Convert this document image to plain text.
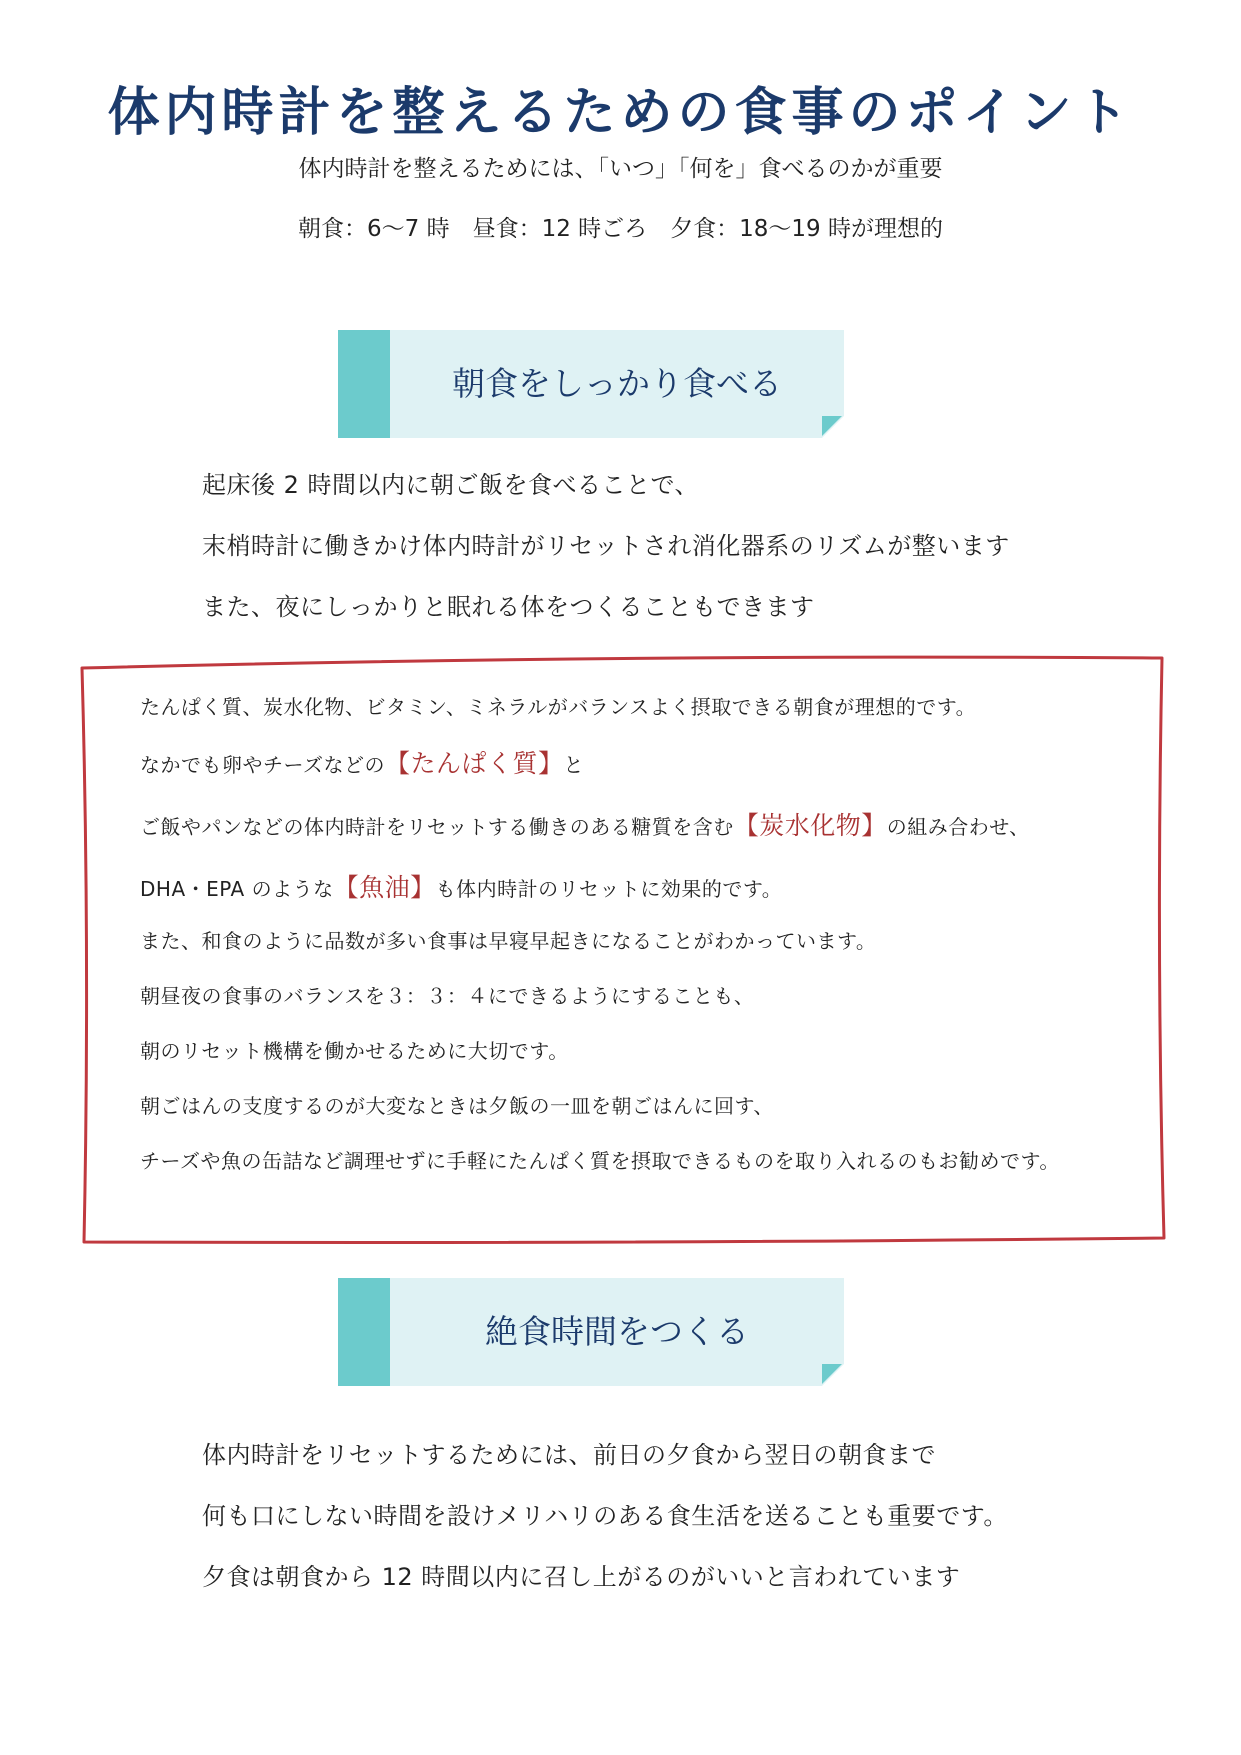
体内時計を整えるための食事のポイント
体内時計を整えるためには、「いつ」「何を」食べるのかが重要
朝食：6〜7 時　昼食：12 時ごろ　夕食：18〜19 時が理想的
朝食をしっかり食べる

起床後 2 時間以内に朝ご飯を食べることで、

末梢時計に働きかけ体内時計がリセットされ消化器系のリズムが整います

また、夜にしっかりと眠れる体をつくることもできます

たんぱく質、炭水化物、ビタミン、ミネラルがバランスよく摂取できる朝食が理想的です。

なかでも卵やチーズなどの【たんぱく質】と

ご飯やパンなどの体内時計をリセットする働きのある糖質を含む【炭水化物】の組み合わせ、

DHA・EPA のような【魚油】も体内時計のリセットに効果的です。

また、和食のように品数が多い食事は早寝早起きになることがわかっています。

朝昼夜の食事のバランスを３：３：４にできるようにすることも、

朝のリセット機構を働かせるために大切です。

朝ごはんの支度するのが大変なときは夕飯の一皿を朝ごはんに回す、

チーズや魚の缶詰など調理せずに手軽にたんぱく質を摂取できるものを取り入れるのもお勧めです。

絶食時間をつくる

体内時計をリセットするためには、前日の夕食から翌日の朝食まで

何も口にしない時間を設けメリハリのある食生活を送ることも重要です。

夕食は朝食から 12 時間以内に召し上がるのがいいと言われています
